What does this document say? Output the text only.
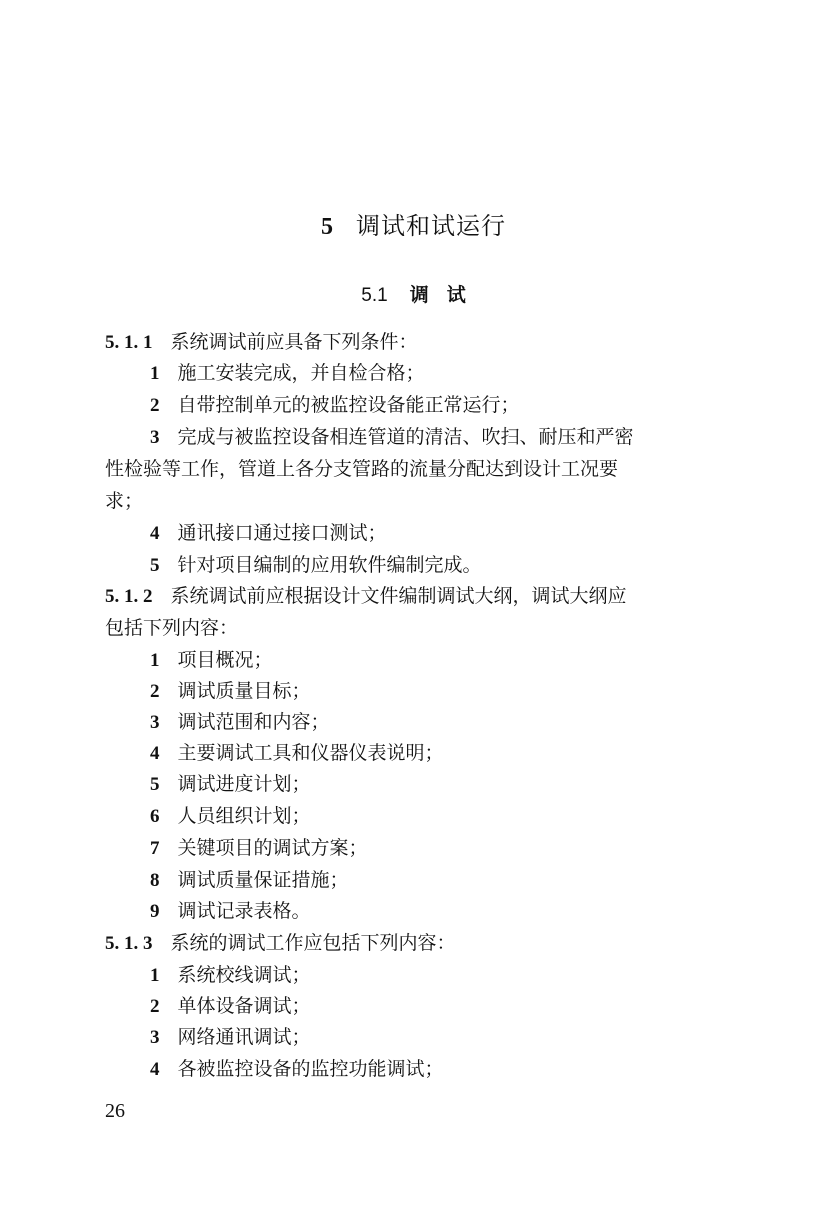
5 调试和试运行
5.1 调试
5. 1. 1 系统调试前应具备下列条件：
1 施工安装完成，并自检合格；
2 自带控制单元的被监控设备能正常运行；
3 完成与被监控设备相连管道的清洁、吹扫、耐压和严密
性检验等工作，管道上各分支管路的流量分配达到设计工况要
求；
4 通讯接口通过接口测试；
5 针对项目编制的应用软件编制完成。
5. 1. 2 系统调试前应根据设计文件编制调试大纲，调试大纲应
包括下列内容：
1 项目概况；
2 调试质量目标；
3 调试范围和内容；
4 主要调试工具和仪器仪表说明；
5 调试进度计划；
6 人员组织计划；
7 关键项目的调试方案；
8 调试质量保证措施；
9 调试记录表格。
5. 1. 3 系统的调试工作应包括下列内容：
1 系统校线调试；
2 单体设备调试；
3 网络通讯调试；
4 各被监控设备的监控功能调试；
26
